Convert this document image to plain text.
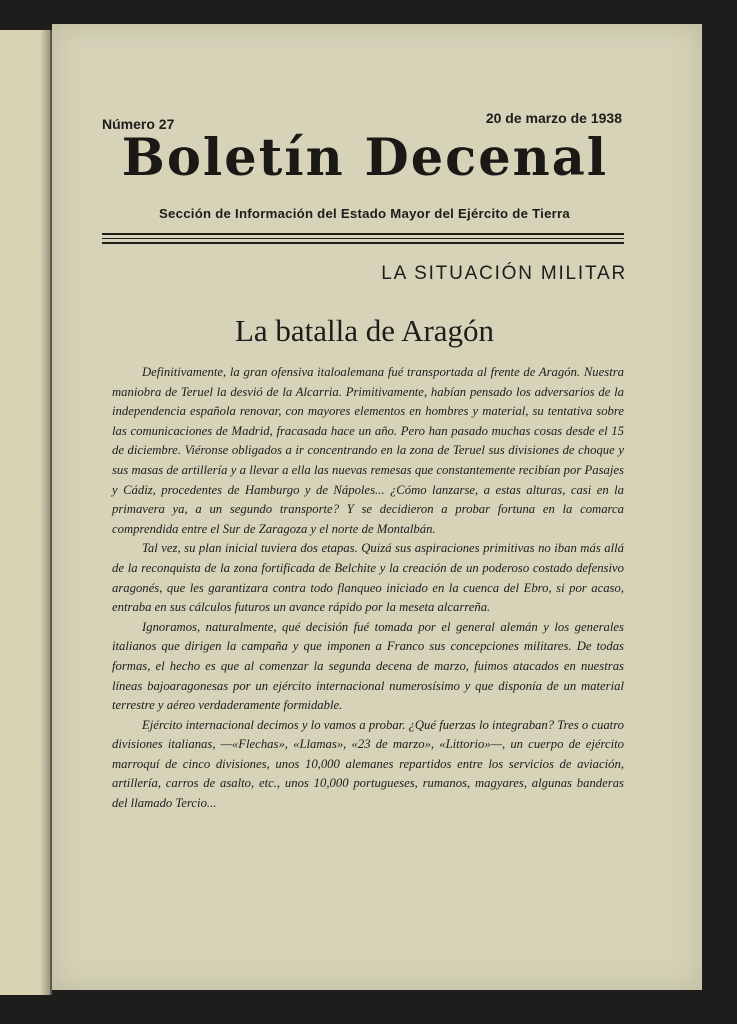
Número 27	20 de marzo de 1938
Boletín Decenal
Sección de Información del Estado Mayor del Ejército de Tierra
LA SITUACIÓN MILITAR
La batalla de Aragón

Definitivamente, la gran ofensiva italoalemana fué transportada al frente de Aragón. Nuestra maniobra de Teruel la desvió de la Alcarria. Primitivamente, habían pensado los adversarios de la independencia española renovar, con mayores elementos en hombres y material, su tentativa sobre las comunicaciones de Madrid, fracasada hace un año. Pero han pasado muchas cosas desde el 15 de diciembre. Viéronse obligados a ir concentrando en la zona de Teruel sus divisiones de choque y sus masas de artillería y a llevar a ella las nuevas remesas que constantemente recibían por Pasajes y Cádiz, procedentes de Hamburgo y de Nápoles... ¿Cómo lanzarse, a estas alturas, casi en la primavera ya, a un segundo transporte? Y se decidieron a probar fortuna en la comarca comprendida entre el Sur de Zaragoza y el norte de Montalbán.

Tal vez, su plan inicial tuviera dos etapas. Quizá sus aspiraciones primitivas no iban más allá de la reconquista de la zona fortificada de Belchite y la creación de un poderoso costado defensivo aragonés, que les garantizara contra todo flanqueo iniciado en la cuenca del Ebro, si por acaso, entraba en sus cálculos futuros un avance rápido por la meseta alcarreña.

Ignoramos, naturalmente, qué decisión fué tomada por el general alemán y los generales italianos que dirigen la campaña y que imponen a Franco sus concepciones militares. De todas formas, el hecho es que al comenzar la segunda decena de marzo, fuimos atacados en nuestras líneas bajoaragonesas por un ejército internacional numerosísimo y que disponía de un material terrestre y aéreo verdaderamente formidable.

Ejército internacional decimos y lo vamos a probar. ¿Qué fuerzas lo integraban? Tres o cuatro divisiones italianas, —«Flechas», «Llamas», «23 de marzo», «Littorio»—, un cuerpo de ejército marroquí de cinco divisiones, unos 10,000 alemanes repartidos entre los servicios de aviación, artillería, carros de asalto, etc., unos 10,000 portugueses, rumanos, magyares, algunas banderas del llamado Tercio...
